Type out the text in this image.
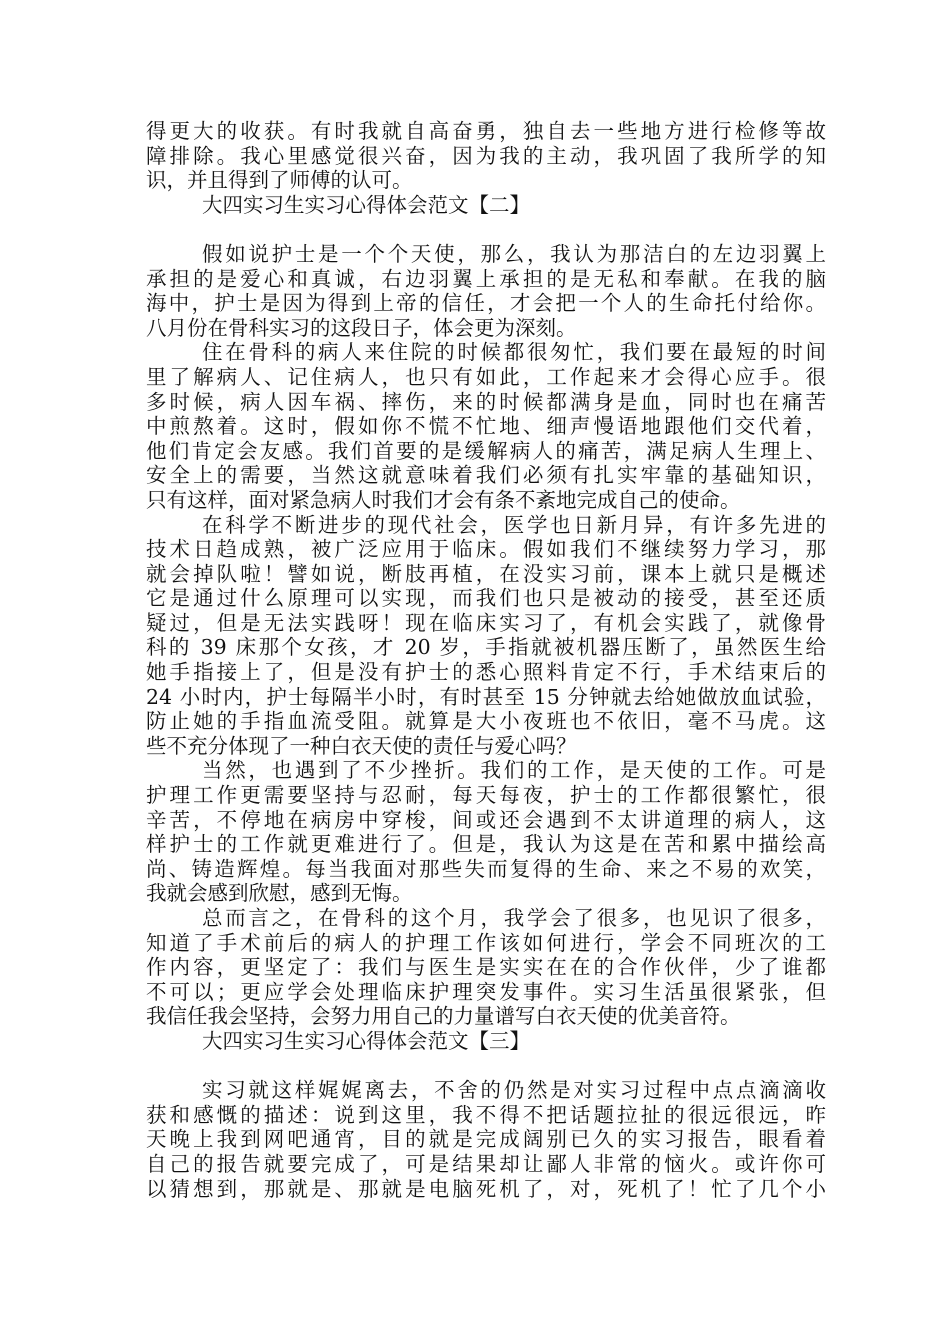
得更大的收获。有时我就自高奋勇，独自去一些地方进行检修等故
障排除。我心里感觉很兴奋，因为我的主动，我巩固了我所学的知
识，并且得到了师傅的认可。
大四实习生实习心得体会范文【二】
假如说护士是一个个天使，那么，我认为那洁白的左边羽翼上
承担的是爱心和真诚，右边羽翼上承担的是无私和奉献。在我的脑
海中，护士是因为得到上帝的信任，才会把一个人的生命托付给你。
八月份在骨科实习的这段日子，体会更为深刻。
住在骨科的病人来住院的时候都很匆忙，我们要在最短的时间
里了解病人、记住病人，也只有如此，工作起来才会得心应手。很
多时候，病人因车祸、摔伤，来的时候都满身是血，同时也在痛苦
中煎熬着。这时，假如你不慌不忙地、细声慢语地跟他们交代着，
他们肯定会友感。我们首要的是缓解病人的痛苦，满足病人生理上、
安全上的需要，当然这就意味着我们必须有扎实牢靠的基础知识，
只有这样，面对紧急病人时我们才会有条不紊地完成自己的使命。
在科学不断进步的现代社会，医学也日新月异，有许多先进的
技术日趋成熟，被广泛应用于临床。假如我们不继续努力学习，那
就会掉队啦！譬如说，断肢再植，在没实习前，课本上就只是概述
它是通过什么原理可以实现，而我们也只是被动的接受，甚至还质
疑过，但是无法实践呀！现在临床实习了，有机会实践了，就像骨
科的 39 床那个女孩，才 20 岁，手指就被机器压断了，虽然医生给
她手指接上了，但是没有护士的悉心照料肯定不行，手术结束后的
24 小时内，护士每隔半小时，有时甚至 15 分钟就去给她做放血试验，
防止她的手指血流受阻。就算是大小夜班也不依旧，毫不马虎。这
些不充分体现了一种白衣天使的责任与爱心吗？
当然，也遇到了不少挫折。我们的工作，是天使的工作。可是
护理工作更需要坚持与忍耐，每天每夜，护士的工作都很繁忙，很
辛苦，不停地在病房中穿梭，间或还会遇到不太讲道理的病人，这
样护士的工作就更难进行了。但是，我认为这是在苦和累中描绘高
尚、铸造辉煌。每当我面对那些失而复得的生命、来之不易的欢笑，
我就会感到欣慰，感到无悔。
总而言之，在骨科的这个月，我学会了很多，也见识了很多，
知道了手术前后的病人的护理工作该如何进行，学会不同班次的工
作内容，更坚定了：我们与医生是实实在在的合作伙伴，少了谁都
不可以；更应学会处理临床护理突发事件。实习生活虽很紧张，但
我信任我会坚持，会努力用自己的力量谱写白衣天使的优美音符。
大四实习生实习心得体会范文【三】
实习就这样娓娓离去，不舍的仍然是对实习过程中点点滴滴收
获和感慨的描述：说到这里，我不得不把话题拉扯的很远很远，昨
天晚上我到网吧通宵，目的就是完成阔别已久的实习报告，眼看着
自己的报告就要完成了，可是结果却让鄙人非常的恼火。或许你可
以猜想到，那就是、那就是电脑死机了，对，死机了！忙了几个小
